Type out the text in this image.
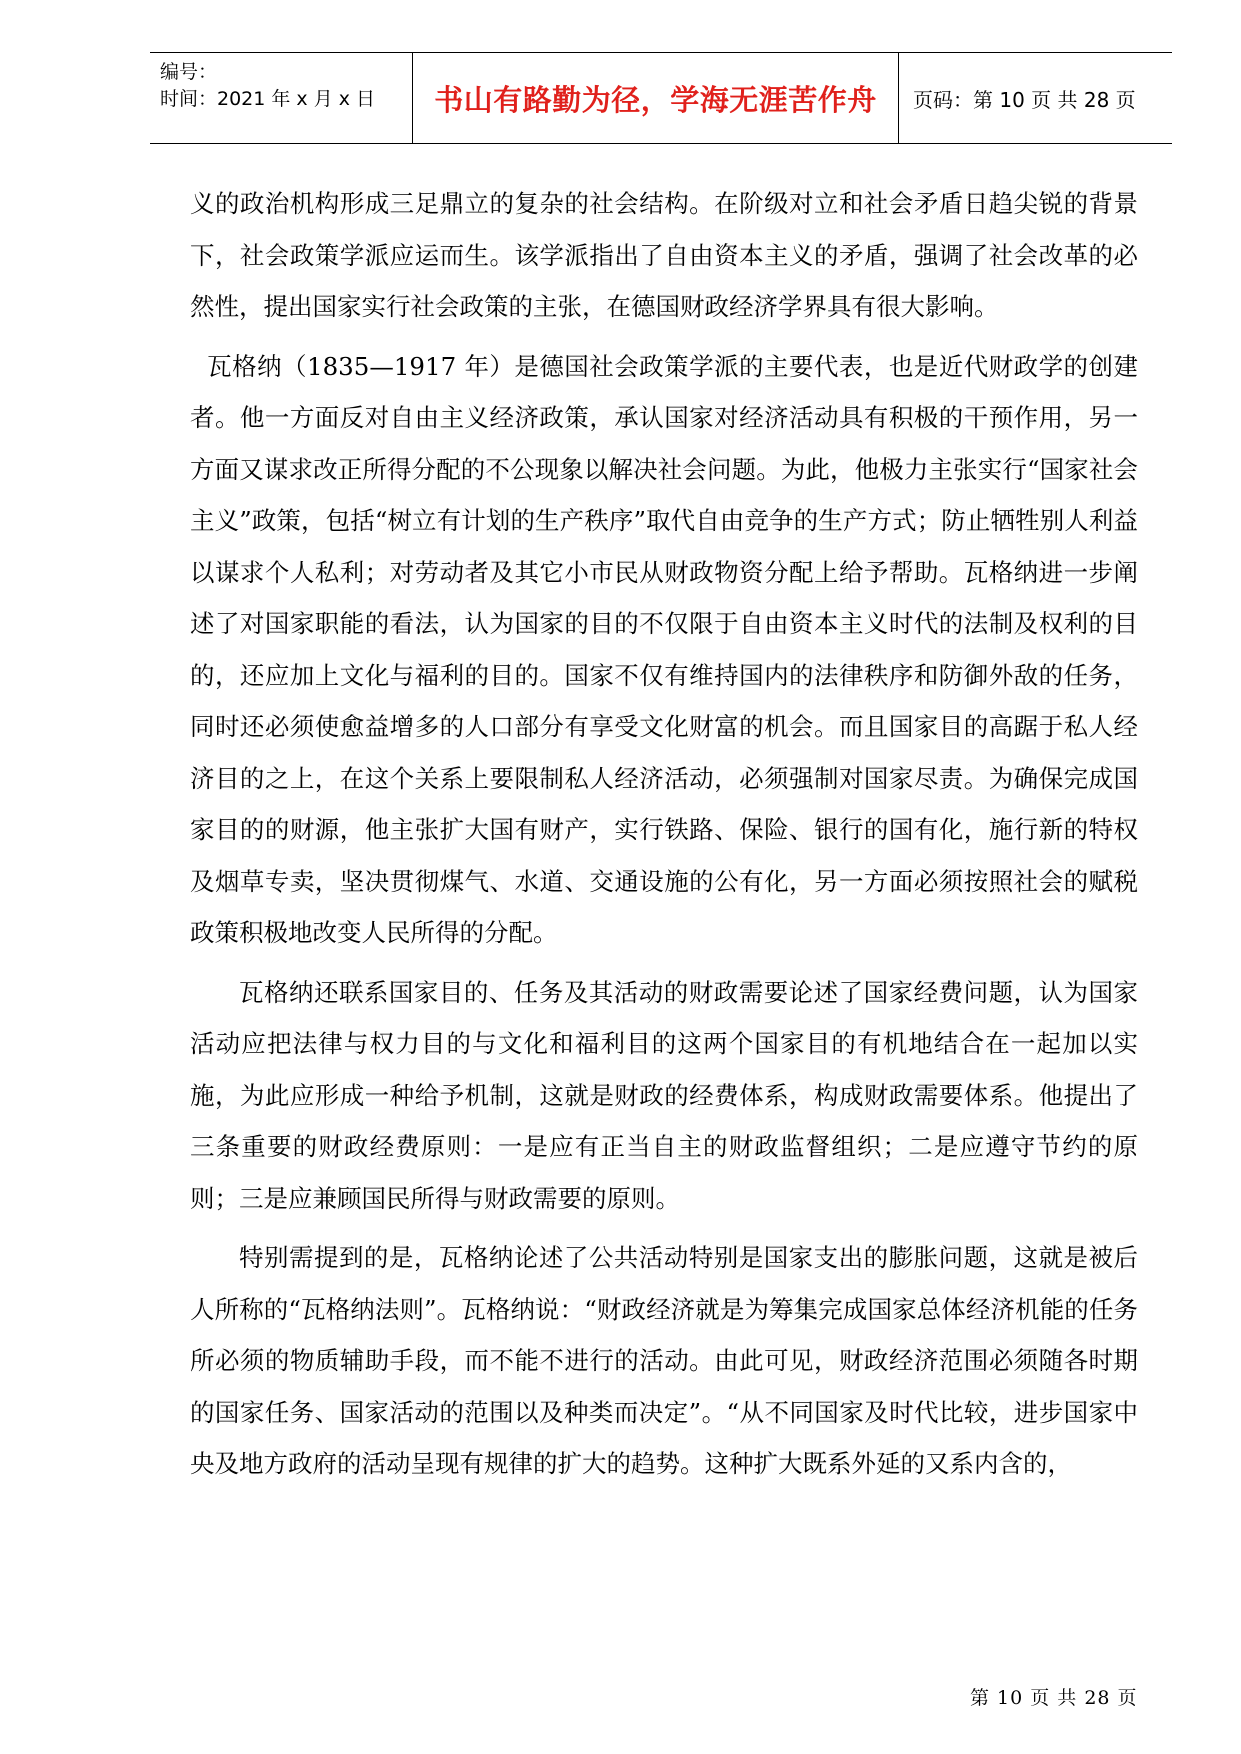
编号：
时间：2021 年 x 月 x 日 书山有路勤为径，学海无涯苦作舟 页码：第 10 页 共 28 页

义的政治机构形成三足鼎立的复杂的社会结构。在阶级对立和社会矛盾日趋尖锐的背景下，社会政策学派应运而生。该学派指出了自由资本主义的矛盾，强调了社会改革的必然性，提出国家实行社会政策的主张，在德国财政经济学界具有很大影响。

瓦格纳（1835—1917 年）是德国社会政策学派的主要代表，也是近代财政学的创建者。他一方面反对自由主义经济政策，承认国家对经济活动具有积极的干预作用，另一方面又谋求改正所得分配的不公现象以解决社会问题。为此，他极力主张实行“国家社会主义”政策，包括“树立有计划的生产秩序”取代自由竞争的生产方式；防止牺牲别人利益以谋求个人私利；对劳动者及其它小市民从财政物资分配上给予帮助。瓦格纳进一步阐述了对国家职能的看法，认为国家的目的不仅限于自由资本主义时代的法制及权利的目的，还应加上文化与福利的目的。国家不仅有维持国内的法律秩序和防御外敌的任务，同时还必须使愈益增多的人口部分有享受文化财富的机会。而且国家目的高踞于私人经济目的之上，在这个关系上要限制私人经济活动，必须强制对国家尽责。为确保完成国家目的的财源，他主张扩大国有财产，实行铁路、保险、银行的国有化，施行新的特权及烟草专卖，坚决贯彻煤气、水道、交通设施的公有化，另一方面必须按照社会的赋税政策积极地改变人民所得的分配。

瓦格纳还联系国家目的、任务及其活动的财政需要论述了国家经费问题，认为国家活动应把法律与权力目的与文化和福利目的这两个国家目的有机地结合在一起加以实施，为此应形成一种给予机制，这就是财政的经费体系，构成财政需要体系。他提出了三条重要的财政经费原则：一是应有正当自主的财政监督组织；二是应遵守节约的原则；三是应兼顾国民所得与财政需要的原则。

特别需提到的是，瓦格纳论述了公共活动特别是国家支出的膨胀问题，这就是被后人所称的“瓦格纳法则”。瓦格纳说：“财政经济就是为筹集完成国家总体经济机能的任务所必须的物质辅助手段，而不能不进行的活动。由此可见，财政经济范围必须随各时期的国家任务、国家活动的范围以及种类而决定”。“从不同国家及时代比较，进步国家中央及地方政府的活动呈现有规律的扩大的趋势。这种扩大既系外延的又系内含的，

第 10 页 共 28 页
